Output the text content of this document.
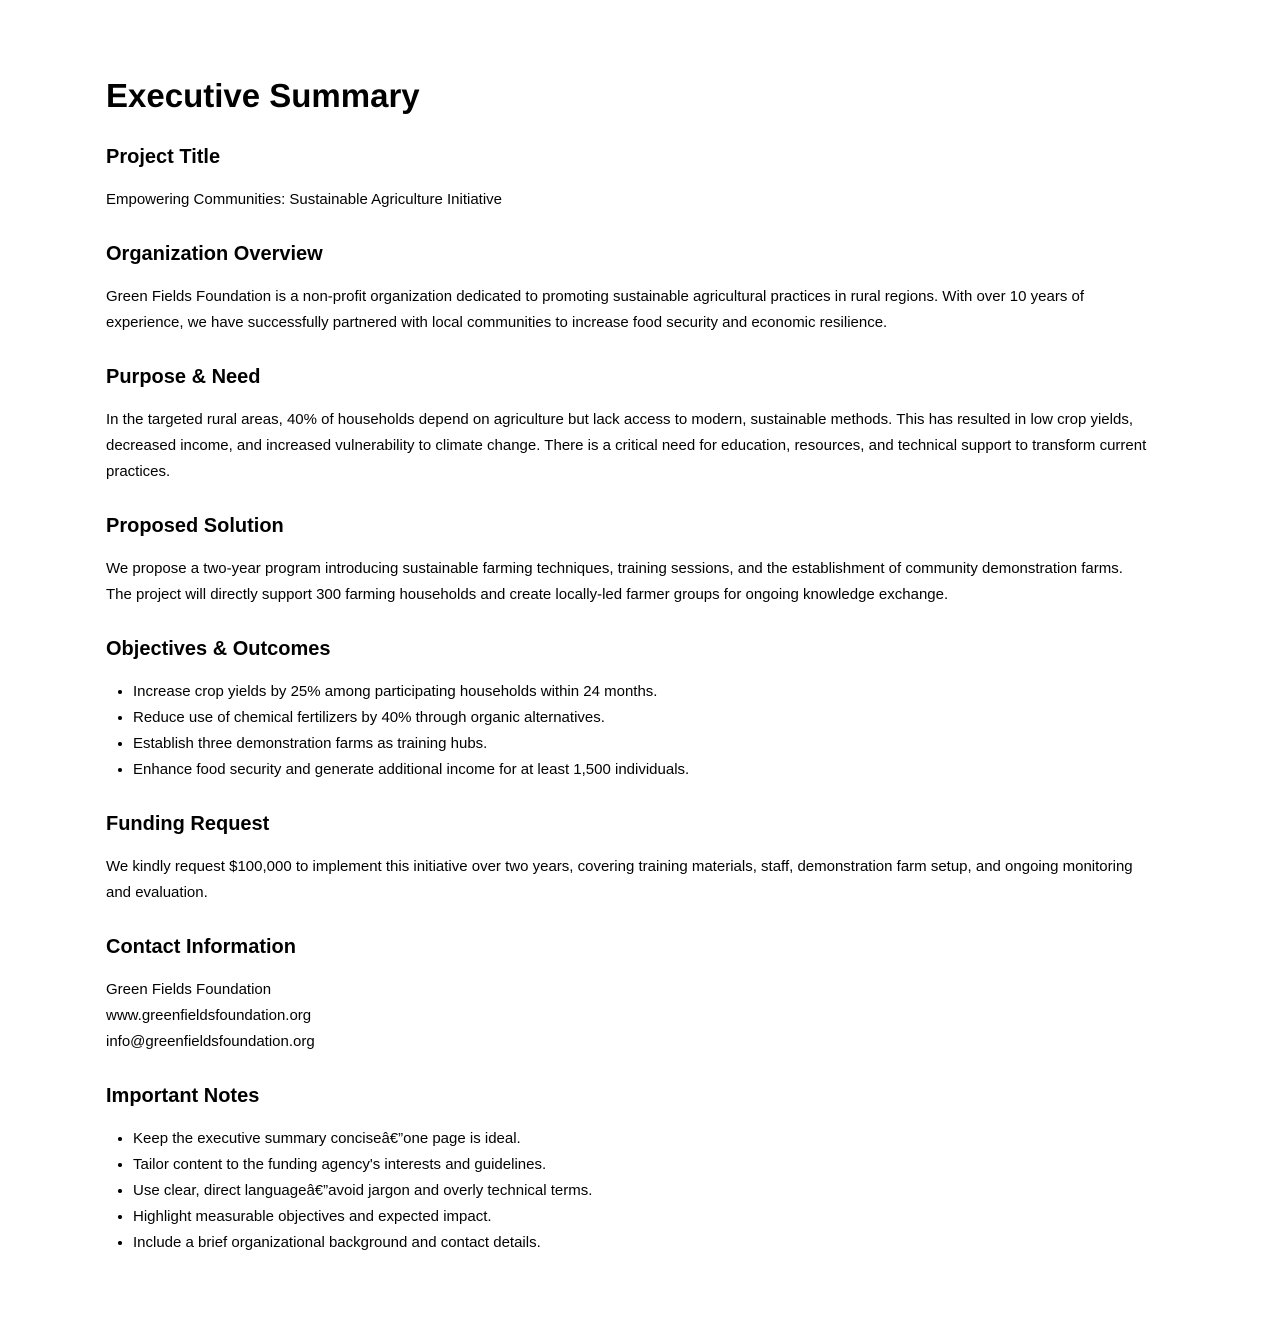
Executive Summary
Project Title

Empowering Communities: Sustainable Agriculture Initiative

Organization Overview

Green Fields Foundation is a non-profit organization dedicated to promoting sustainable agricultural practices in rural regions. With over 10 years of experience, we have successfully partnered with local communities to increase food security and economic resilience.

Purpose & Need

In the targeted rural areas, 40% of households depend on agriculture but lack access to modern, sustainable methods. This has resulted in low crop yields, decreased income, and increased vulnerability to climate change. There is a critical need for education, resources, and technical support to transform current practices.

Proposed Solution

We propose a two-year program introducing sustainable farming techniques, training sessions, and the establishment of community demonstration farms. The project will directly support 300 farming households and create locally-led farmer groups for ongoing knowledge exchange.

Objectives & Outcomes
• Increase crop yields by 25% among participating households within 24 months.
• Reduce use of chemical fertilizers by 40% through organic alternatives.
• Establish three demonstration farms as training hubs.
• Enhance food security and generate additional income for at least 1,500 individuals.
Funding Request

We kindly request $100,000 to implement this initiative over two years, covering training materials, staff, demonstration farm setup, and ongoing monitoring and evaluation.

Contact Information

Green Fields Foundation
www.greenfieldsfoundation.org
info@greenfieldsfoundation.org

Important Notes
• Keep the executive summary conciseâ€”one page is ideal.
• Tailor content to the funding agency's interests and guidelines.
• Use clear, direct languageâ€”avoid jargon and overly technical terms.
• Highlight measurable objectives and expected impact.
• Include a brief organizational background and contact details.
